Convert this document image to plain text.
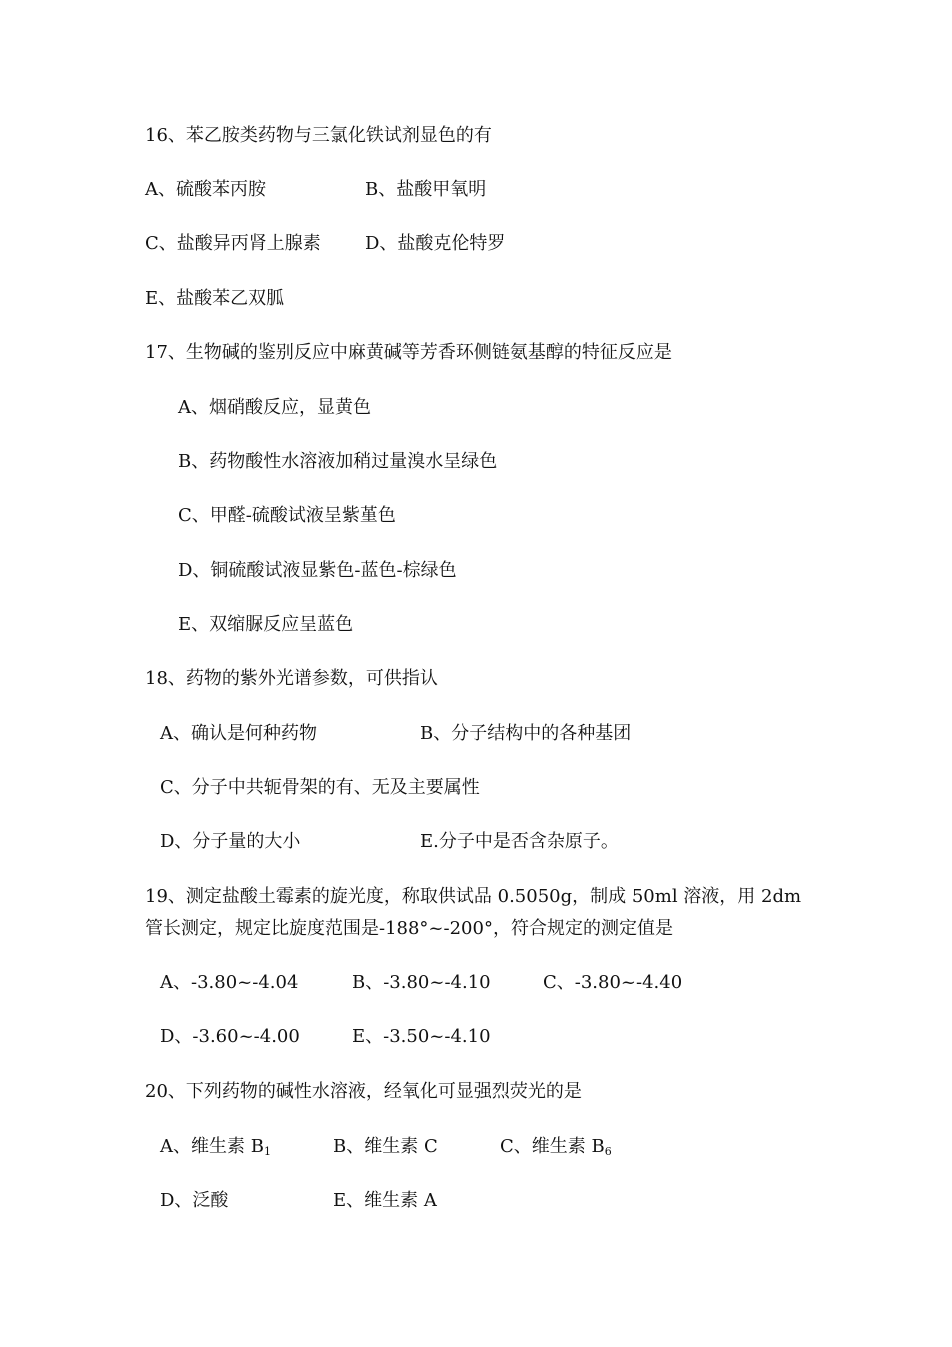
16、苯乙胺类药物与三氯化铁试剂显色的有
A、硫酸苯丙胺	B、盐酸甲氧明
C、盐酸异丙肾上腺素 D、盐酸克伦特罗
E、盐酸苯乙双胍
17、生物碱的鉴别反应中麻黄碱等芳香环侧链氨基醇的特征反应是
A、烟硝酸反应，显黄色
B、药物酸性水溶液加稍过量溴水呈绿色
C、甲醛-硫酸试液呈紫堇色
D、铜硫酸试液显紫色-蓝色-棕绿色
E、双缩脲反应呈蓝色
18、药物的紫外光谱参数，可供指认
A、确认是何种药物	B、分子结构中的各种基团
C、分子中共轭骨架的有、无及主要属性
D、分子量的大小	E.分子中是否含杂原子。
19、测定盐酸土霉素的旋光度，称取供试品 0.5050g，制成 50ml 溶液，用 2dm
管长测定，规定比旋度范围是-188°~-200°，符合规定的测定值是
A、-3.80~-4.04	B、-3.80~-4.10	C、-3.80~-4.40
D、-3.60~-4.00	E、-3.50~-4.10
20、下列药物的碱性水溶液，经氧化可显强烈荧光的是
A、维生素 $B_1$	B、维生素 C	C、维生素 $B_6$
D、泛酸	E、维生素 A
